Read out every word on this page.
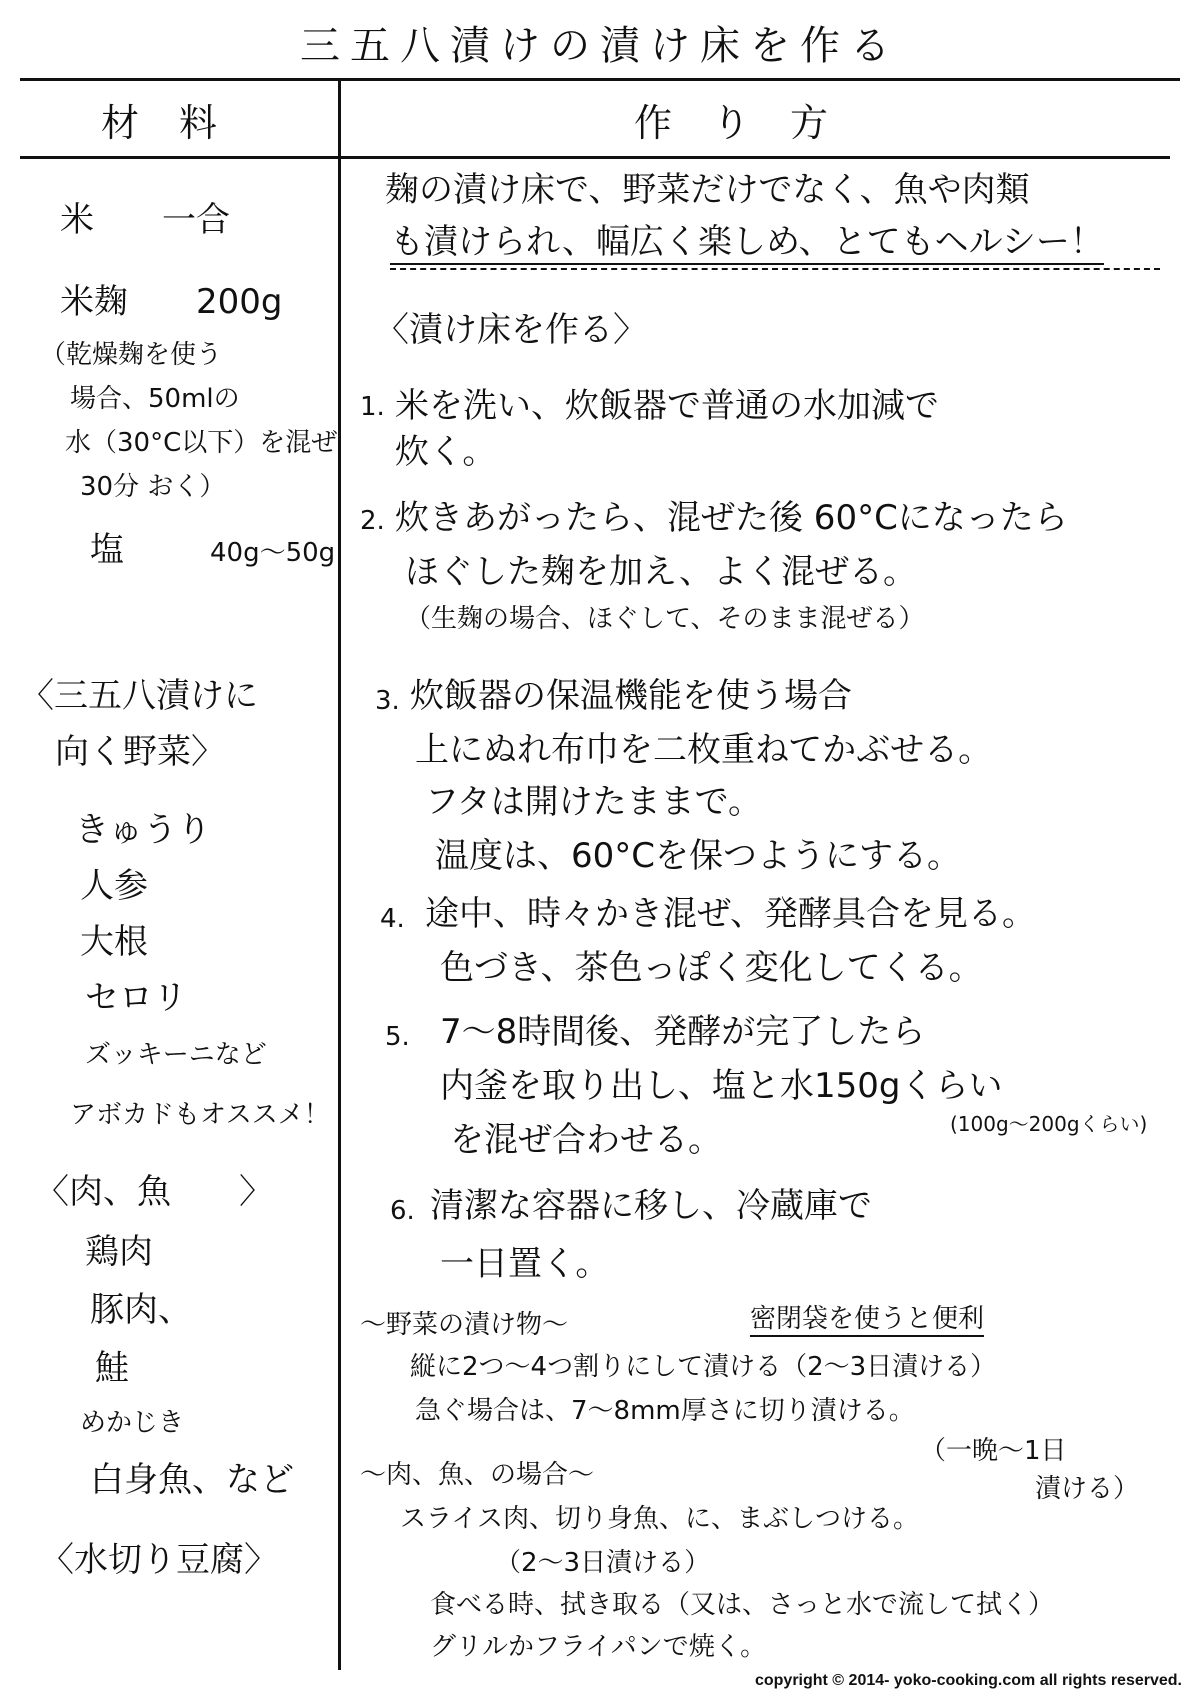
三五八漬けの漬け床を作る
材料	作り方
米　　一合
米麹　　200g
（乾燥麹を使う
場合、50mlの
水（30°C以下）を混ぜ
30分 おく）
塩	40g～50g
〈三五八漬けに
向く野菜〉
きゅうり
人参
大根
セロリ
ズッキーニなど
アボカドもオススメ！
〈肉、魚　　〉
鶏肉
豚肉、
鮭
めかじき
白身魚、など
〈水切り豆腐〉
麹の漬け床で、野菜だけでなく、魚や肉類
も漬けられ、幅広く楽しめ、とてもヘルシー！
〈漬け床を作る〉
1. 米を洗い、炊飯器で普通の水加減で
炊く。
2. 炊きあがったら、混ぜた後 60°Cになったら
ほぐした麹を加え、よく混ぜる。
（生麹の場合、ほぐして、そのまま混ぜる）
3. 炊飯器の保温機能を使う場合
上にぬれ布巾を二枚重ねてかぶせる。
フタは開けたままで。
温度は、60°Cを保つようにする。
4. 途中、時々かき混ぜ、発酵具合を見る。
色づき、茶色っぽく変化してくる。
5. 7～8時間後、発酵が完了したら
内釜を取り出し、塩と水150gくらい
(100g～200gくらい)
を混ぜ合わせる。
6. 清潔な容器に移し、冷蔵庫で
一日置く。
～野菜の漬け物～	密閉袋を使うと便利
縦に2つ～4つ割りにして漬ける（2～3日漬ける）
急ぐ場合は、7～8mm厚さに切り漬ける。
（一晩～1日
漬ける）
～肉、魚、の場合～
スライス肉、切り身魚、に、まぶしつける。
（2～3日漬ける）
食べる時、拭き取る（又は、さっと水で流して拭く）
グリルかフライパンで焼く。
copyright © 2014- yoko-cooking.com all rights reserved.
